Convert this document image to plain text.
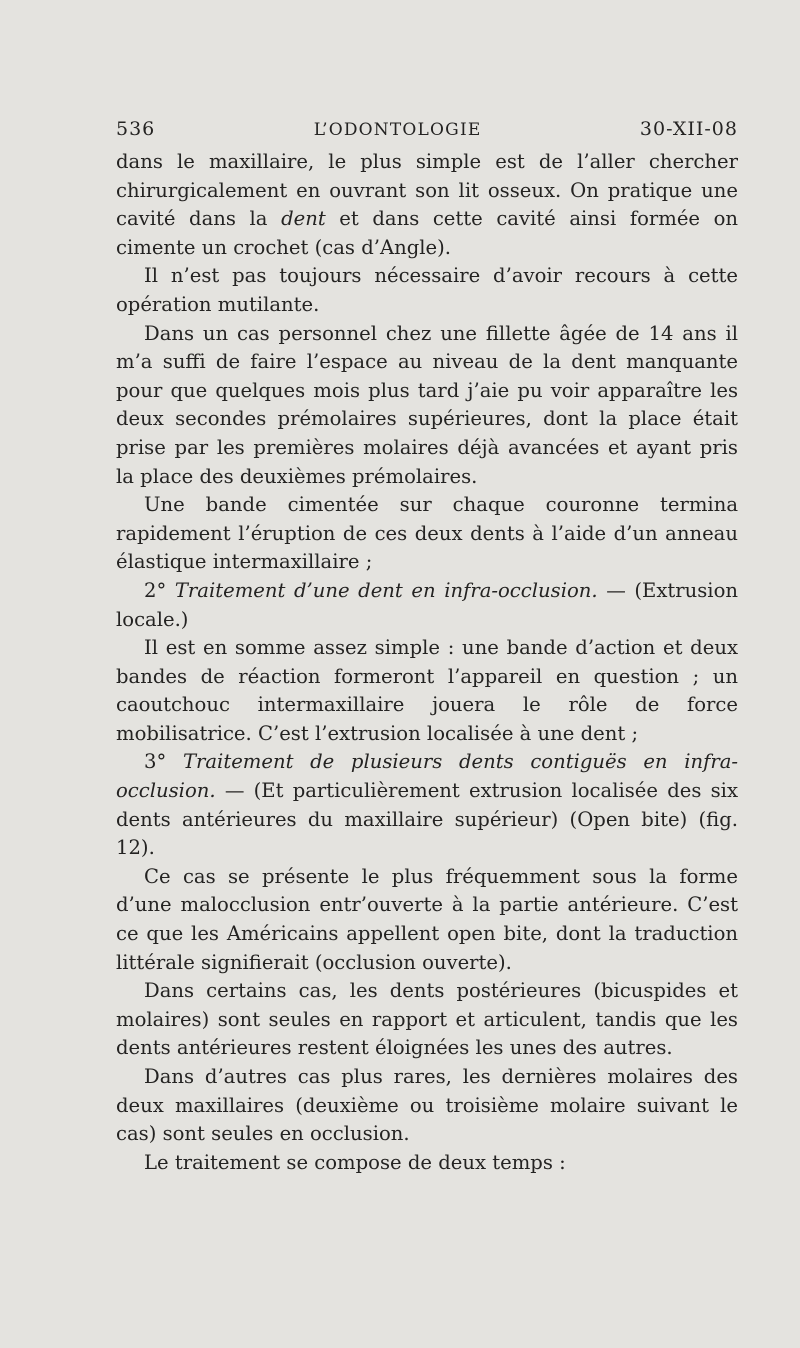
536	L’ODONTOLOGIE	30-XII-08

dans le maxillaire, le plus simple est de l’aller chercher chirurgicalement en ouvrant son lit osseux. On pratique une cavité dans la dent et dans cette cavité ainsi formée on cimente un crochet (cas d’Angle).

Il n’est pas toujours nécessaire d’avoir recours à cette opération mutilante.

Dans un cas personnel chez une fillette âgée de 14 ans il m’a suffi de faire l’espace au niveau de la dent manquante pour que quelques mois plus tard j’aie pu voir apparaître les deux secondes prémolaires supérieures, dont la place était prise par les premières molaires déjà avancées et ayant pris la place des deuxièmes prémolaires.

Une bande cimentée sur chaque couronne termina rapidement l’éruption de ces deux dents à l’aide d’un anneau élastique intermaxillaire ;

2° Traitement d’une dent en infra-occlusion. — (Extrusion locale.)

Il est en somme assez simple : une bande d’action et deux bandes de réaction formeront l’appareil en question ; un caoutchouc intermaxillaire jouera le rôle de force mobilisatrice. C’est l’extrusion localisée à une dent ;

3° Traitement de plusieurs dents contiguës en infra-occlusion. — (Et particulièrement extrusion localisée des six dents antérieures du maxillaire supérieur) (Open bite) (fig. 12).

Ce cas se présente le plus fréquemment sous la forme d’une malocclusion entr’ouverte à la partie antérieure. C’est ce que les Américains appellent open bite, dont la traduction littérale signifierait (occlusion ouverte).

Dans certains cas, les dents postérieures (bicuspides et molaires) sont seules en rapport et articulent, tandis que les dents antérieures restent éloignées les unes des autres.

Dans d’autres cas plus rares, les dernières molaires des deux maxillaires (deuxième ou troisième molaire suivant le cas) sont seules en occlusion.

Le traitement se compose de deux temps :
